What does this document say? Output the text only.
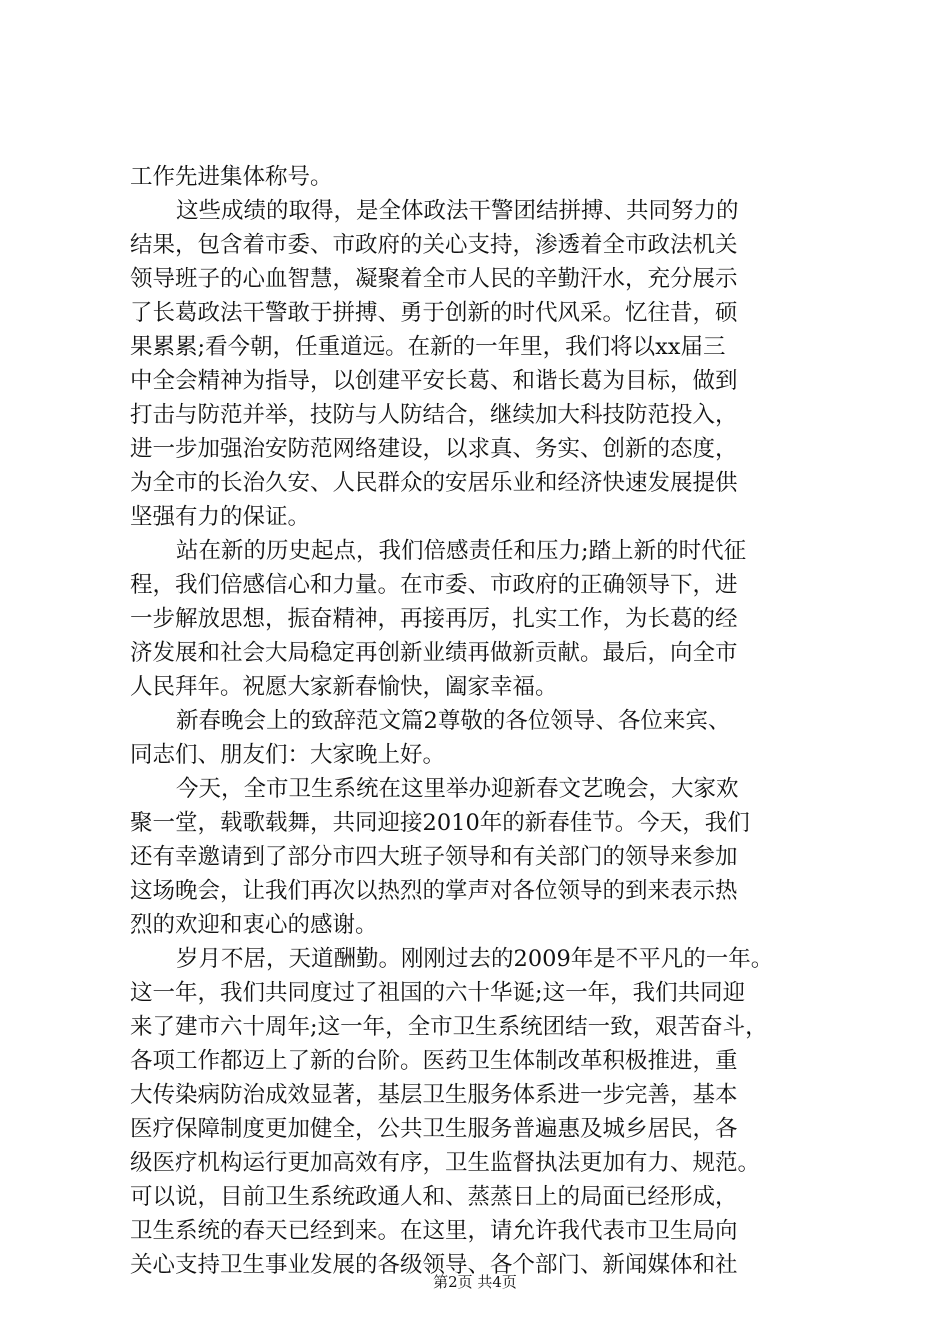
工作先进集体称号。
这些成绩的取得，是全体政法干警团结拼搏、共同努力的
结果，包含着市委、市政府的关心支持，渗透着全市政法机关
领导班子的心血智慧，凝聚着全市人民的辛勤汗水，充分展示
了长葛政法干警敢于拼搏、勇于创新的时代风采。忆往昔，硕
果累累;看今朝，任重道远。在新的一年里，我们将以xx届三
中全会精神为指导，以创建平安长葛、和谐长葛为目标，做到
打击与防范并举，技防与人防结合，继续加大科技防范投入，
进一步加强治安防范网络建设，以求真、务实、创新的态度，
为全市的长治久安、人民群众的安居乐业和经济快速发展提供
坚强有力的保证。
站在新的历史起点，我们倍感责任和压力;踏上新的时代征
程，我们倍感信心和力量。在市委、市政府的正确领导下，进
一步解放思想，振奋精神，再接再厉，扎实工作，为长葛的经
济发展和社会大局稳定再创新业绩再做新贡献。最后，向全市
人民拜年。祝愿大家新春愉快，阖家幸福。
新春晚会上的致辞范文篇2尊敬的各位领导、各位来宾、
同志们、朋友们：大家晚上好。
今天，全市卫生系统在这里举办迎新春文艺晚会，大家欢
聚一堂，载歌载舞，共同迎接2010年的新春佳节。今天，我们
还有幸邀请到了部分市四大班子领导和有关部门的领导来参加
这场晚会，让我们再次以热烈的掌声对各位领导的到来表示热
烈的欢迎和衷心的感谢。
岁月不居，天道酬勤。刚刚过去的2009年是不平凡的一年。
这一年，我们共同度过了祖国的六十华诞;这一年，我们共同迎
来了建市六十周年;这一年，全市卫生系统团结一致，艰苦奋斗，
各项工作都迈上了新的台阶。医药卫生体制改革积极推进，重
大传染病防治成效显著，基层卫生服务体系进一步完善，基本
医疗保障制度更加健全，公共卫生服务普遍惠及城乡居民，各
级医疗机构运行更加高效有序，卫生监督执法更加有力、规范。
可以说，目前卫生系统政通人和、蒸蒸日上的局面已经形成，
卫生系统的春天已经到来。在这里，请允许我代表市卫生局向
关心支持卫生事业发展的各级领导、各个部门、新闻媒体和社
第2页 共4页
